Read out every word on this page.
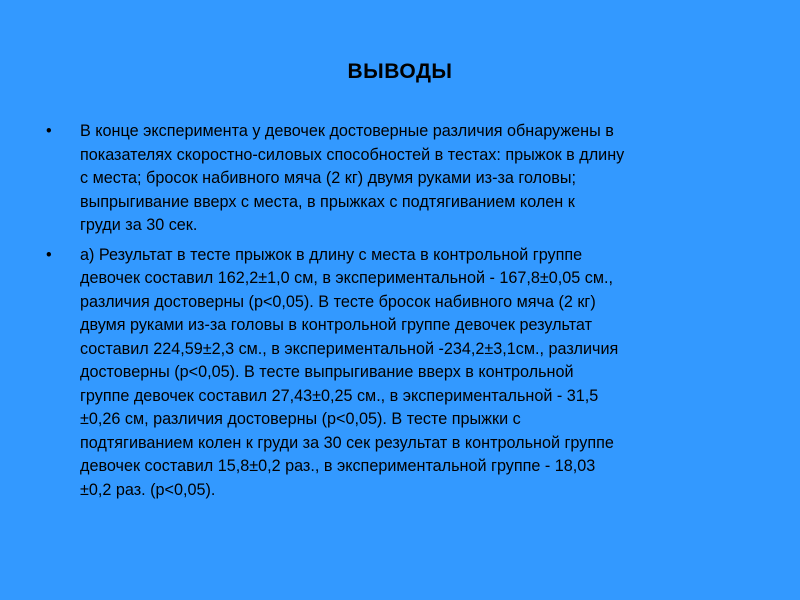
ВЫВОДЫ
•	В конце эксперимента у девочек достоверные различия обнаружены в
показателях скоростно-силовых способностей в тестах: прыжок в длину
с места; бросок набивного мяча (2 кг) двумя руками из-за головы;
выпрыгивание вверх с места, в прыжках с подтягиванием колен к
груди за 30 сек.
•	а) Результат в тесте прыжок в длину с места в контрольной группе
девочек составил 162,2±1,0 см, в экспериментальной - 167,8±0,05 см.,
различия достоверны (р<0,05). В тесте бросок набивного мяча (2 кг)
двумя руками из-за головы в контрольной группе девочек результат
составил 224,59±2,3 см., в экспериментальной -234,2±3,1см., различия
достоверны (р<0,05). В тесте выпрыгивание вверх в контрольной
группе девочек составил 27,43±0,25 см., в экспериментальной - 31,5
±0,26 см, различия достоверны (р<0,05). В тесте прыжки с
подтягиванием колен к груди за 30 сек результат в контрольной группе
девочек составил 15,8±0,2 раз., в экспериментальной группе - 18,03
±0,2 раз. (р<0,05).
